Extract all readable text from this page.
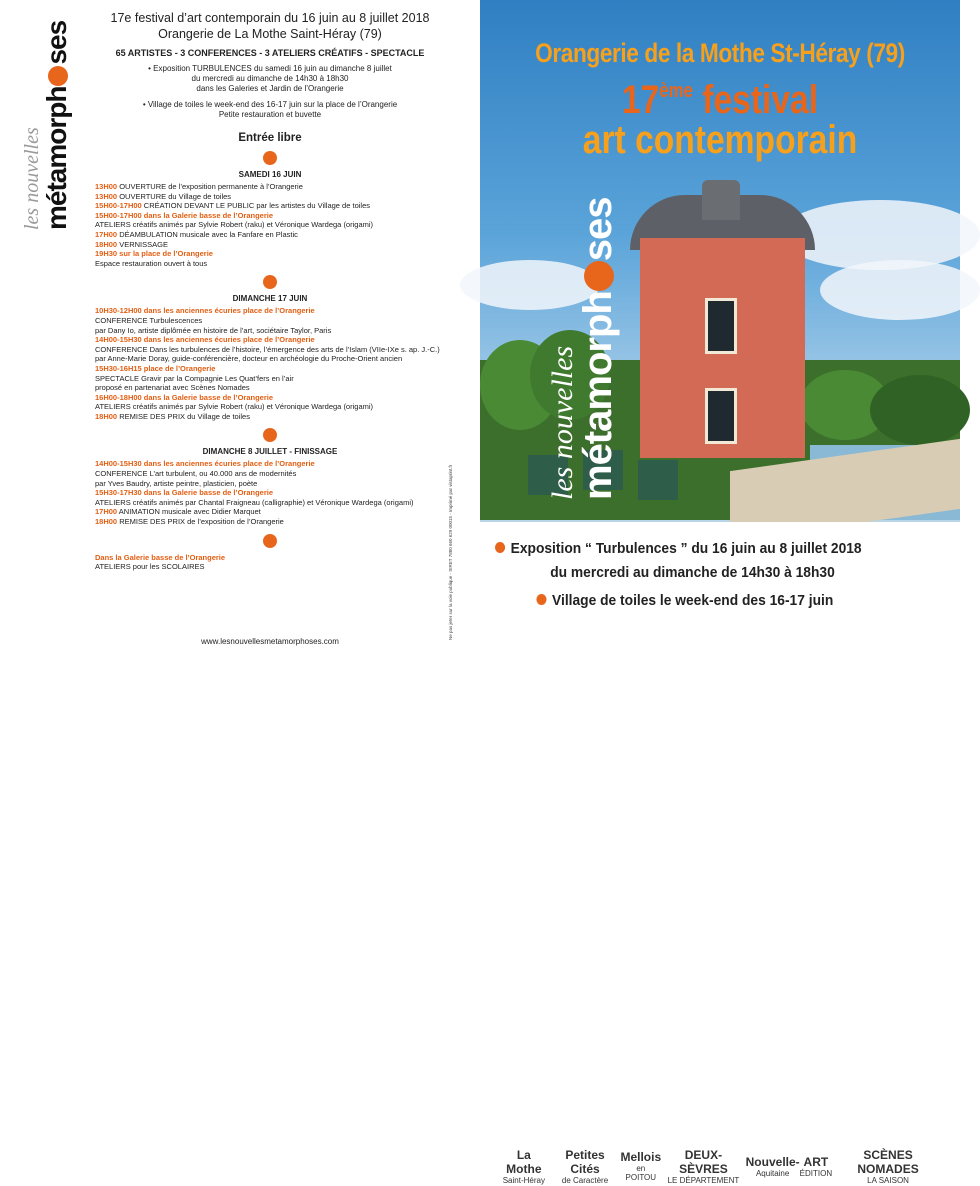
les nouvelles
métamorphses
17e festival d’art contemporain du 16 juin au 8 juillet 2018
Orangerie de La Mothe Saint-Héray (79)
65 ARTISTES - 3 CONFERENCES - 3 ATELIERS CRÉATIFS - SPECTACLE
• Exposition TURBULENCES du samedi 16 juin au dimanche 8 juillet
du mercredi au dimanche de 14h30 à 18h30
dans les Galeries et Jardin de l’Orangerie
• Village de toiles le week-end des 16-17 juin sur la place de l’Orangerie
Petite restauration et buvette
Entrée libre
SAMEDI 16 JUIN
13H00 OUVERTURE de l’exposition permanente à l’Orangerie
13H00 OUVERTURE du Village de toiles
15H00-17H00 CRÉATION DEVANT LE PUBLIC par les artistes du Village de toiles
15H00-17H00 dans la Galerie basse de l’Orangerie
ATELIERS créatifs animés par Sylvie Robert (raku) et Véronique Wardega (origami)
17H00 DÉAMBULATION musicale avec la Fanfare en Plastic
18H00 VERNISSAGE
19H30 sur la place de l’Orangerie
Espace restauration ouvert à tous
DIMANCHE 17 JUIN
10H30-12H00 dans les anciennes écuries place de l’Orangerie
CONFERENCE Turbulescences
par Dany Io, artiste diplômée en histoire de l’art, sociétaire Taylor, Paris
14H00-15H30 dans les anciennes écuries place de l’Orangerie
CONFERENCE Dans les turbulences de l’histoire, l’émergence des arts de l’Islam (VIIe-IXe s. ap. J.-C.)
par Anne-Marie Doray, guide-conférencière, docteur en archéologie du Proche-Orient ancien
15H30-16H15 place de l’Orangerie
SPECTACLE Gravir par la Compagnie Les Quat’fers en l’air
proposé en partenariat avec Scènes Nomades
16H00-18H00 dans la Galerie basse de l’Orangerie
ATELIERS créatifs animés par Sylvie Robert (raku) et Véronique Wardega (origami)
18H00 REMISE DES PRIX du Village de toiles
DIMANCHE 8 JUILLET - FINISSAGE
14H00-15H30 dans les anciennes écuries place de l’Orangerie
CONFERENCE L’art turbulent, ou 40.000 ans de modernités
par Yves Baudry, artiste peintre, plasticien, poète
15H30-17H30 dans la Galerie basse de l’Orangerie
ATELIERS créatifs animés par Chantal Fraigneau (calligraphie) et Véronique Wardega (origami)
17H00 ANIMATION musicale avec Didier Marquet
18H00 REMISE DES PRIX de l’exposition de l’Orangerie
Dans la Galerie basse de l’Orangerie
ATELIERS pour les SCOLAIRES
www.lesnouvellesmetamorphoses.com
Ne pas jeter sur la voie publique - SIRET 7880 660 629 00015 - Imprimé par vistaprint.fr
les nouvelles
métamorphses
Orangerie de la Mothe St-Héray (79)
17ème festival
art contemporain
Exposition “ Turbulences ” du 16 juin au 8 juillet 2018
du mercredi au dimanche de 14h30 à 18h30
Village de toiles le week-end des 16-17 juin
La Mothe
Saint-Héray
Petites Cités
de Caractère
Mellois
en POITOU
DEUX-SÈVRES
LE DÉPARTEMENT
Nouvelle-
Aquitaine
ART
ÉDITION
SCÈNES NOMADES
LA SAISON
